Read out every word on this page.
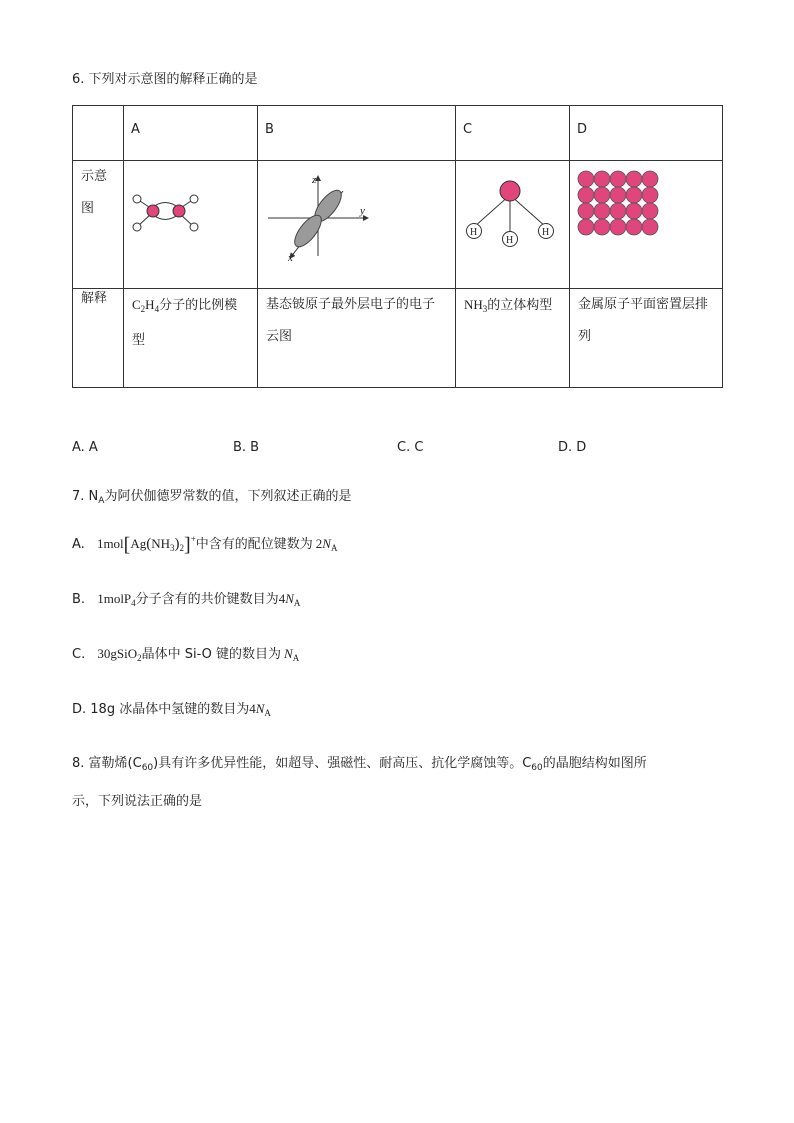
6. 下列对示意图的解释正确的是

	A	B	C	D

示意图		z
y
x	H
H
H

解释	$C_2H_4$分子的比例模型	基态铍原子最外层电子的电子云图	$NH_3$的立体构型	金属原子平面密置层排列
A. A	B. B	C. C	D. D
7. $N_A$为阿伏伽德罗常数的值，下列叙述正确的是
A. $1mol[Ag(NH_3)_2]^+$中含有的配位键数为 $2N_A$
B. 1molP$_4$分子含有的共价键数目为$4N_A$
C. 30gSiO$_2$晶体中 Si-O 键的数目为 $N_A$
D. 18g 冰晶体中氢键的数目为$4N_A$
8. 富勒烯$(C_{60})$具有许多优异性能，如超导、强磁性、耐高压、抗化学腐蚀等。$C_{60}$的晶胞结构如图所
示，下列说法正确的是
